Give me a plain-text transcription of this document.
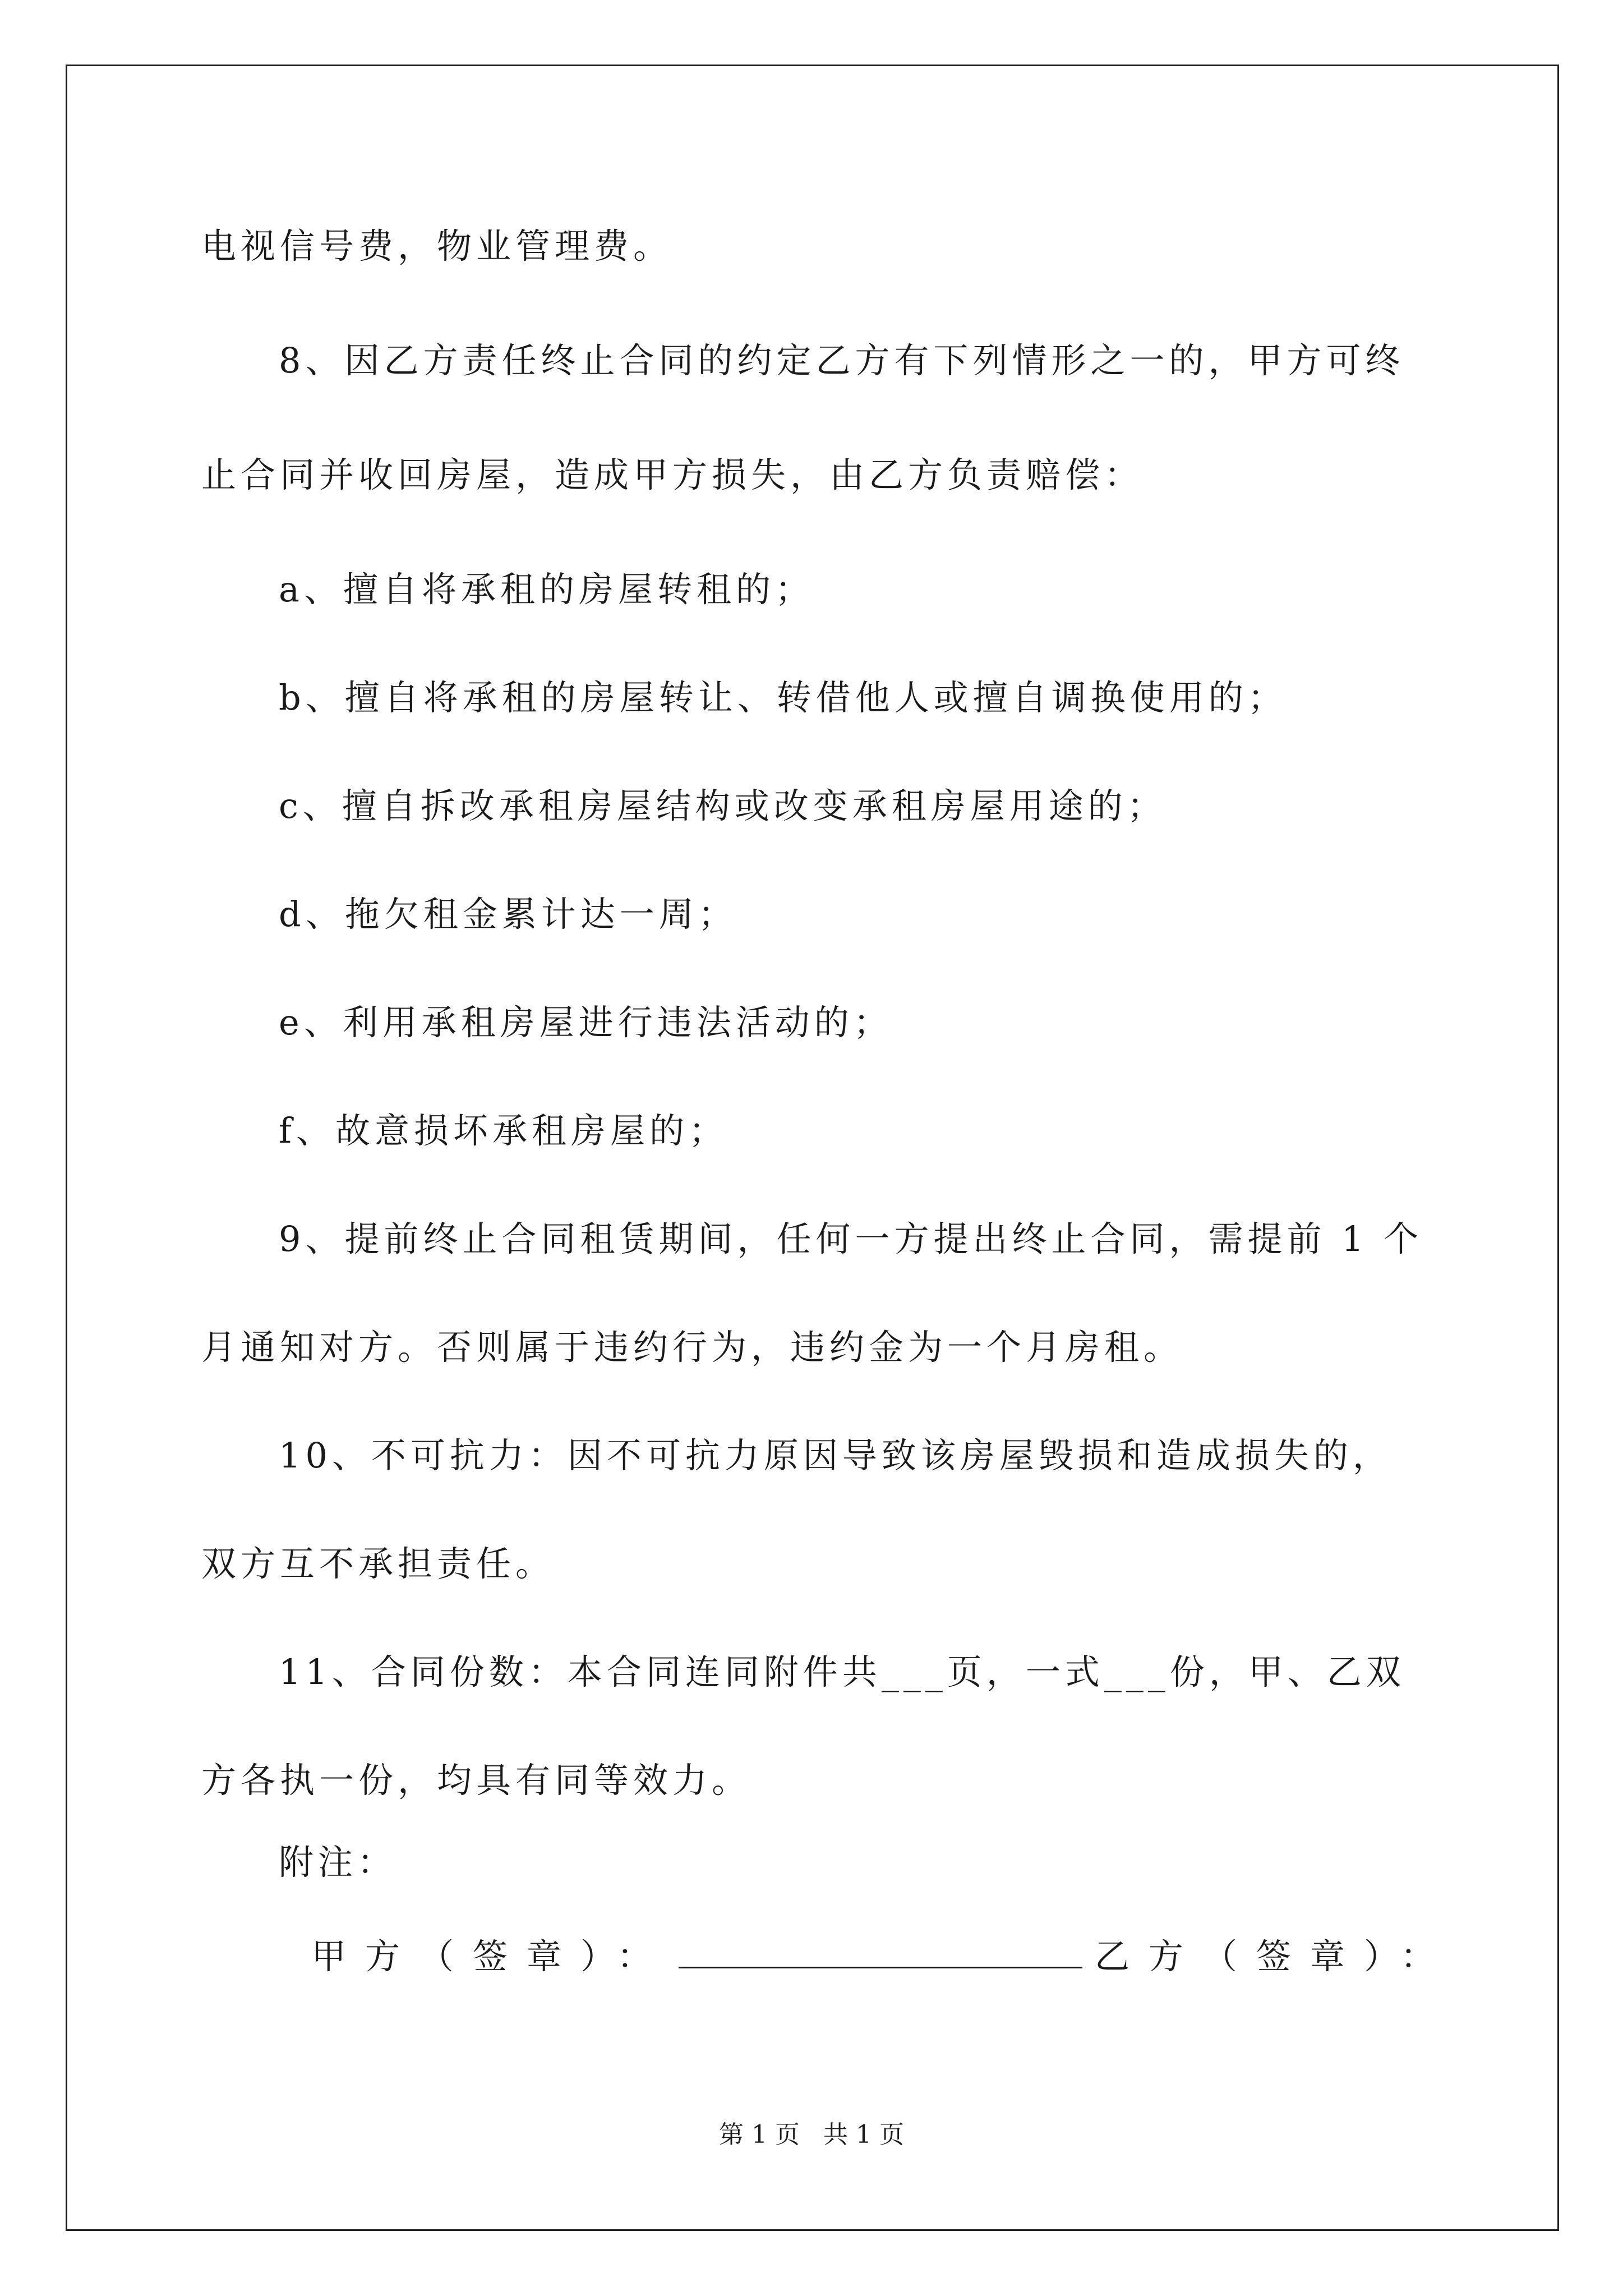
电视信号费，物业管理费。
8、因乙方责任终止合同的约定乙方有下列情形之一的，甲方可终
止合同并收回房屋，造成甲方损失，由乙方负责赔偿：
a、擅自将承租的房屋转租的；
b、擅自将承租的房屋转让、转借他人或擅自调换使用的；
c、擅自拆改承租房屋结构或改变承租房屋用途的；
d、拖欠租金累计达一周；
e、利用承租房屋进行违法活动的；
f、故意损坏承租房屋的；
9、提前终止合同租赁期间，任何一方提出终止合同，需提前 1 个
月通知对方。否则属于违约行为，违约金为一个月房租。
10、不可抗力：因不可抗力原因导致该房屋毁损和造成损失的，
双方互不承担责任。
11、合同份数：本合同连同附件共___页，一式___份，甲、乙双
方各执一份，均具有同等效力。
附注：
甲方（签章）：	乙方（签章）：
第 1 页   共 1 页
